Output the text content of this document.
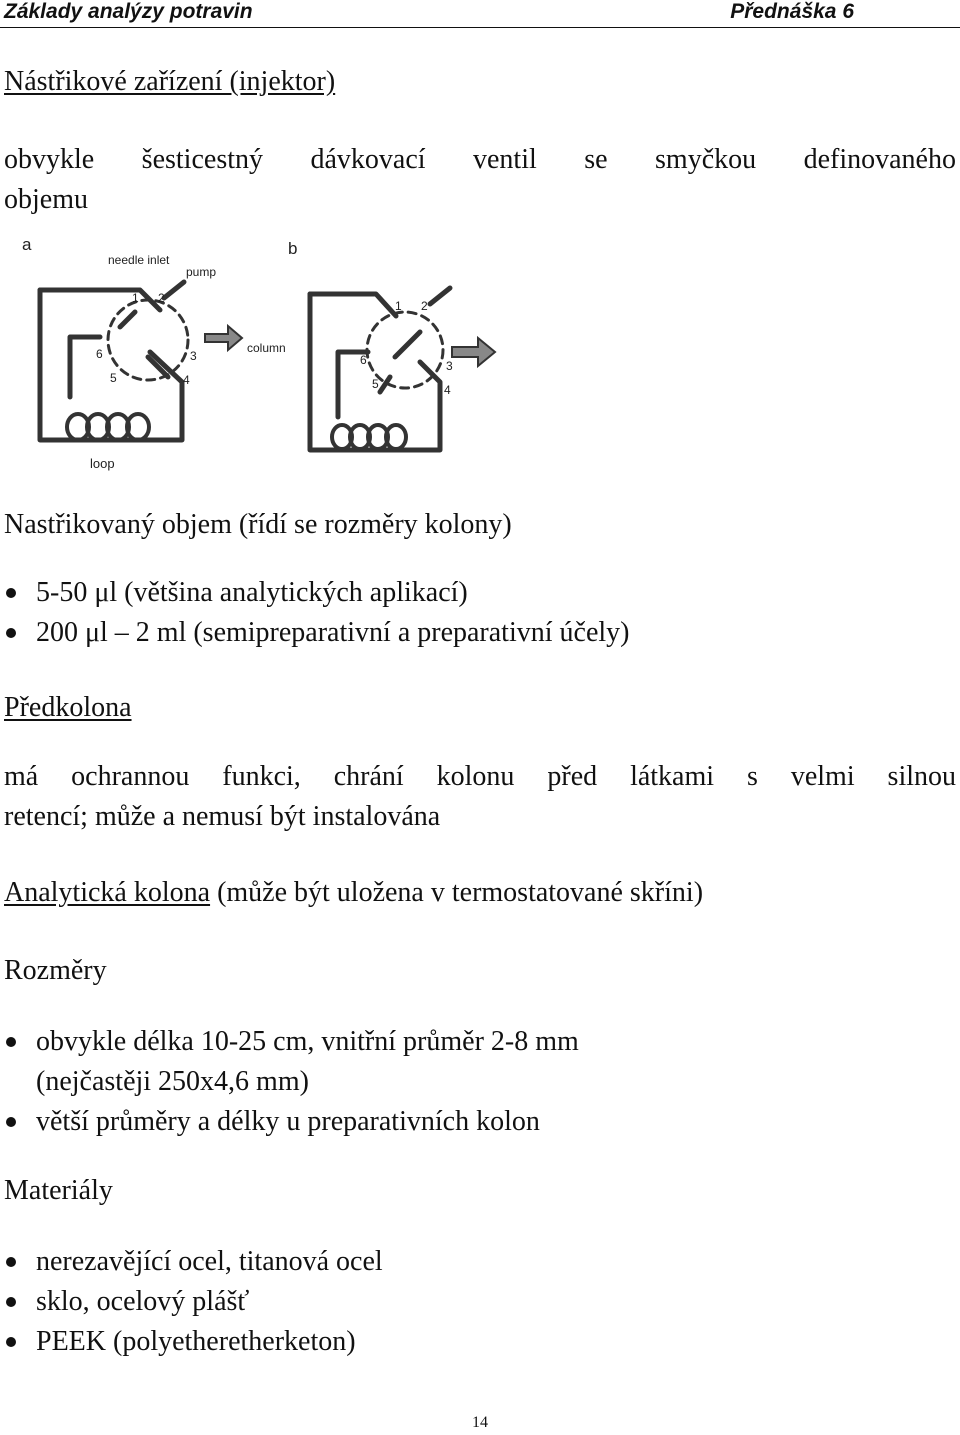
Základy analýzy potravin	Přednáška 6

Nástřikové zařízení (injektor)

obvykle šesticestný dávkovací ventil se smyčkou definovaného
objemu
a	b
needle inlet
pump
column
loop
1 2
3
4
5
6
1 2
3
4
5
6

Nastřikovaný objem (řídí se rozměry kolony)

5-50 μl (většina analytických aplikací)
200 μl – 2 ml (semipreparativní a preparativní účely)

Předkolona

má ochrannou funkci, chrání kolonu před látkami s velmi silnou
retencí; může a nemusí být instalována

Analytická kolona (může být uložena v termostatované skříni)

Rozměry

obvykle délka 10-25 cm, vnitřní průměr 2-8 mm
(nejčastěji 250x4,6 mm)
větší průměry a délky u preparativních kolon

Materiály

nerezavějící ocel, titanová ocel
sklo, ocelový plášť
PEEK (polyetheretherketon)
14
